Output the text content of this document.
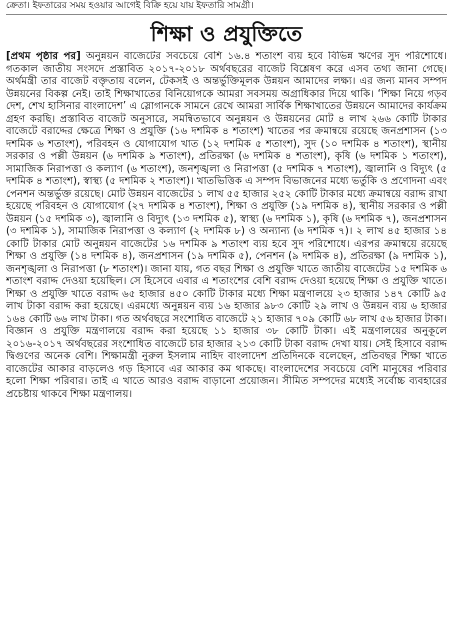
ক্রেতা। ইফতারের সময় হওয়ার আগেই বিক্রি হয়ে যায় ইফতারি সামগ্রী।

শিক্ষা ও প্রযুক্তিতে

[প্রথম পৃষ্ঠার পর] অনুন্নয়ন বাজেটের সবচেয়ে বেশি ১৬.৪ শতাংশ ব্যয় হবে বিভিন্ন ঋণের সুদ পরিশোধে। গতকাল জাতীয় সংসদে প্রস্তাবিত ২০১৭-২০১৮ অর্থবছরের বাজেট বিশ্লেষণ করে এসব তথ্য জানা গেছে। অর্থমন্ত্রী তার বাজেট বক্তৃতায় বলেন, টেকসই ও অন্তর্ভুক্তিমূলক উন্নয়ন আমাদের লক্ষ্য। এর জন্য মানব সম্পদ উন্নয়নের বিকল্প নেই। তাই শিক্ষাখাতের বিনিয়োগকে আমরা সবসময় অগ্রাধিকার দিয়ে থাকি। ‘শিক্ষা নিয়ে গড়ব দেশ, শেখ হাসিনার বাংলাদেশ’ এ স্লোগানকে সামনে রেখে আমরা সার্বিক শিক্ষাখাতের উন্নয়নে আমাদের কার্যক্রম গ্রহণ করছি। প্রস্তাবিত বাজেট অনুসারে, সমন্বিতভাবে অনুন্নয়ন ও উন্নয়নের মোট ৪ লাখ ২৬৬ কোটি টাকার বাজেটে বরাদ্দের ক্ষেত্রে শিক্ষা ও প্রযুক্তি (১৬ দশমিক ৪ শতাংশ) খাতের পর ক্রমান্বয়ে রয়েছে জনপ্রশাসন (১৩ দশমিক ৬ শতাংশ), পরিবহন ও যোগাযোগ খাত (১২ দশমিক ৫ শতাংশ), সুদ (১০ দশমিক ৪ শতাংশ), স্থানীয় সরকার ও পল্লী উন্নয়ন (৬ দশমিক ৯ শতাংশ), প্রতিরক্ষা (৬ দশমিক ৪ শতাংশ), কৃষি (৬ দশমিক ১ শতাংশ), সামাজিক নিরাপত্তা ও কল্যাণ (৬ শতাংশ), জনশৃঙ্খলা ও নিরাপত্তা (৫ দশমিক ৭ শতাংশ), জ্বালানি ও বিদ্যুৎ (৫ দশমিক ৪ শতাংশ), স্বাস্থ্য (৫ দশমিক ২ শতাংশ)। খাতভিত্তিক এ সম্পদ বিভাজনের মধ্যে ভর্তুকি ও প্রণোদনা এবং পেনশন অন্তর্ভুক্ত রয়েছে। মোট উন্নয়ন বাজেটের ১ লাখ ৫৫ হাজার ২৫২ কোটি টাকার মধ্যে ক্রমান্বয়ে বরাদ্দ রাখা হয়েছে পরিবহন ও যোগাযোগ (২৭ দশমিক ৪ শতাংশ), শিক্ষা ও প্রযুক্তি (১৯ দশমিক ৪), স্থানীয় সরকার ও পল্লী উন্নয়ন (১৫ দশমিক ৩), জ্বালানি ও বিদ্যুৎ (১৩ দশমিক ৫), স্বাস্থ্য (৬ দশমিক ১), কৃষি (৬ দশমিক ৭), জনপ্রশাসন (৩ দশমিক ১), সামাজিক নিরাপত্তা ও কল্যাণ (২ দশমিক ৮) ও অন্যান্য (৬ দশমিক ৭)। ২ লাখ ৪৫ হাজার ১৪ কোটি টাকার মোট অনুন্নয়ন বাজেটের ১৬ দশমিক ৯ শতাংশ ব্যয় হবে সুদ পরিশোধে। এরপর ক্রমান্বয়ে রয়েছে শিক্ষা ও প্রযুক্তি (১৪ দশমিক ৪), জনপ্রশাসন (১৯ দশমিক ৫), পেনশন (৯ দশমিক ৪), প্রতিরক্ষা (৯ দশমিক ১), জনশৃঙ্খলা ও নিরাপত্তা (৮ শতাংশ)। জানা যায়, গত বছর শিক্ষা ও প্রযুক্তি খাতে জাতীয় বাজেটের ১৫ দশমিক ৬ শতাংশ বরাদ্দ দেওয়া হয়েছিল। সে হিসেবে এবার এ শতাংশের বেশি বরাদ্দ দেওয়া হয়েছে শিক্ষা ও প্রযুক্তি খাতে। শিক্ষা ও প্রযুক্তি খাতে বরাদ্দ ৬৫ হাজার ৪৫০ কোটি টাকার মধ্যে শিক্ষা মন্ত্রণালয়ে ২৩ হাজার ১৪৭ কোটি ৯৫ লাখ টাকা বরাদ্দ করা হয়েছে। এরমধ্যে অনুন্নয়ন ব্যয় ১৬ হাজার ৯৮৩ কোটি ২৯ লাখ ও উন্নয়ন ব্যয় ৬ হাজার ১৬৪ কোটি ৬৬ লাখ টাকা। গত অর্থবছরে সংশোধিত বাজেটে ২১ হাজার ৭০৯ কোটি ৬৮ লাখ ৫৬ হাজার টাকা। বিজ্ঞান ও প্রযুক্তি মন্ত্রণালয়ে বরাদ্দ করা হয়েছে ১১ হাজার ৩৮ কোটি টাকা। এই মন্ত্রণালয়ের অনুকূলে ২০১৬-২০১৭ অর্থবছরের সংশোধিত বাজেটে চার হাজার ২১৩ কোটি টাকা বরাদ্দ দেখা যায়। সেই হিসাবে বরাদ্দ দ্বিগুণের অনেক বেশি। শিক্ষামন্ত্রী নুরুল ইসলাম নাহিদ বাংলাদেশ প্রতিদিনকে বলেছেন, প্রতিবছর শিক্ষা খাতে বাজেটের আকার বাড়লেও গড় হিসাবে এর আকার কম থাকছে। বাংলাদেশের সবচেয়ে বেশি মানুষের পরিবার হলো শিক্ষা পরিবার। তাই এ খাতে আরও বরাদ্দ বাড়ানো প্রয়োজন। সীমিত সম্পদের মধ্যেই সর্বোচ্চ ব্যবহারের প্রচেষ্টায় থাকবে শিক্ষা মন্ত্রণালয়।
